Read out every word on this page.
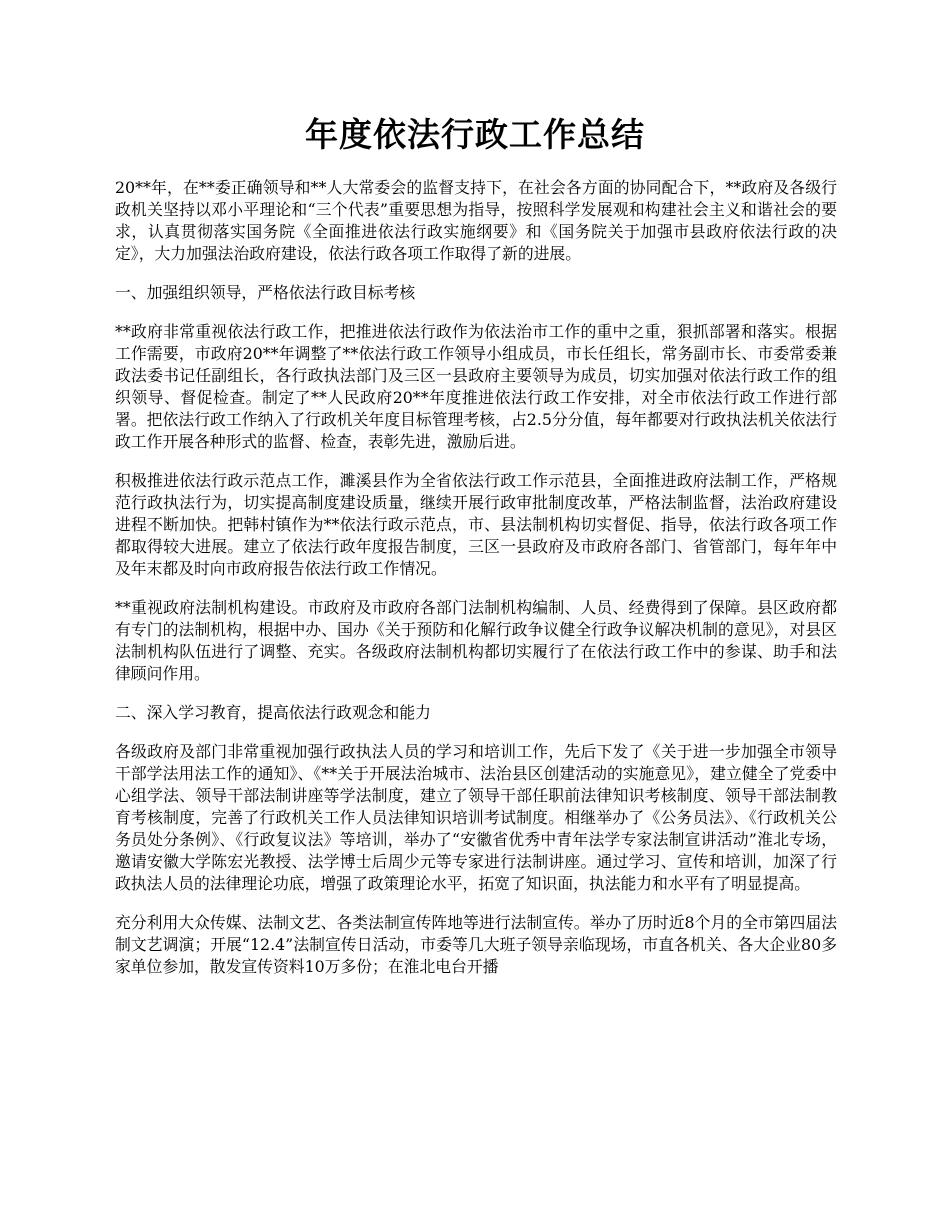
年度依法行政工作总结

20**年，在**委正确领导和**人大常委会的监督支持下，在社会各方面的协同配合下，**政府及各级行政机关坚持以邓小平理论和“三个代表”重要思想为指导，按照科学发展观和构建社会主义和谐社会的要求，认真贯彻落实国务院《全面推进依法行政实施纲要》和《国务院关于加强市县政府依法行政的决定》，大力加强法治政府建设，依法行政各项工作取得了新的进展。

一、加强组织领导，严格依法行政目标考核

**政府非常重视依法行政工作，把推进依法行政作为依法治市工作的重中之重，狠抓部署和落实。根据工作需要，市政府20**年调整了**依法行政工作领导小组成员，市长任组长，常务副市长、市委常委兼政法委书记任副组长，各行政执法部门及三区一县政府主要领导为成员，切实加强对依法行政工作的组织领导、督促检查。制定了**人民政府20**年度推进依法行政工作安排，对全市依法行政工作进行部署。把依法行政工作纳入了行政机关年度目标管理考核，占2.5分分值，每年都要对行政执法机关依法行政工作开展各种形式的监督、检查，表彰先进，激励后进。

积极推进依法行政示范点工作，濉溪县作为全省依法行政工作示范县，全面推进政府法制工作，严格规范行政执法行为，切实提高制度建设质量，继续开展行政审批制度改革，严格法制监督，法治政府建设进程不断加快。把韩村镇作为**依法行政示范点，市、县法制机构切实督促、指导，依法行政各项工作都取得较大进展。建立了依法行政年度报告制度，三区一县政府及市政府各部门、省管部门，每年年中及年末都及时向市政府报告依法行政工作情况。

**重视政府法制机构建设。市政府及市政府各部门法制机构编制、人员、经费得到了保障。县区政府都有专门的法制机构，根据中办、国办《关于预防和化解行政争议健全行政争议解决机制的意见》，对县区法制机构队伍进行了调整、充实。各级政府法制机构都切实履行了在依法行政工作中的参谋、助手和法律顾问作用。

二、深入学习教育，提高依法行政观念和能力

各级政府及部门非常重视加强行政执法人员的学习和培训工作，先后下发了《关于进一步加强全市领导干部学法用法工作的通知》、《**关于开展法治城市、法治县区创建活动的实施意见》，建立健全了党委中心组学法、领导干部法制讲座等学法制度，建立了领导干部任职前法律知识考核制度、领导干部法制教育考核制度，完善了行政机关工作人员法律知识培训考试制度。相继举办了《公务员法》、《行政机关公务员处分条例》、《行政复议法》等培训，举办了“安徽省优秀中青年法学专家法制宣讲活动”淮北专场，邀请安徽大学陈宏光教授、法学博士后周少元等专家进行法制讲座。通过学习、宣传和培训，加深了行政执法人员的法律理论功底，增强了政策理论水平，拓宽了知识面，执法能力和水平有了明显提高。

充分利用大众传媒、法制文艺、各类法制宣传阵地等进行法制宣传。举办了历时近8个月的全市第四届法制文艺调演；开展“12.4”法制宣传日活动，市委等几大班子领导亲临现场，市直各机关、各大企业80多家单位参加，散发宣传资料10万多份；在淮北电台开播
